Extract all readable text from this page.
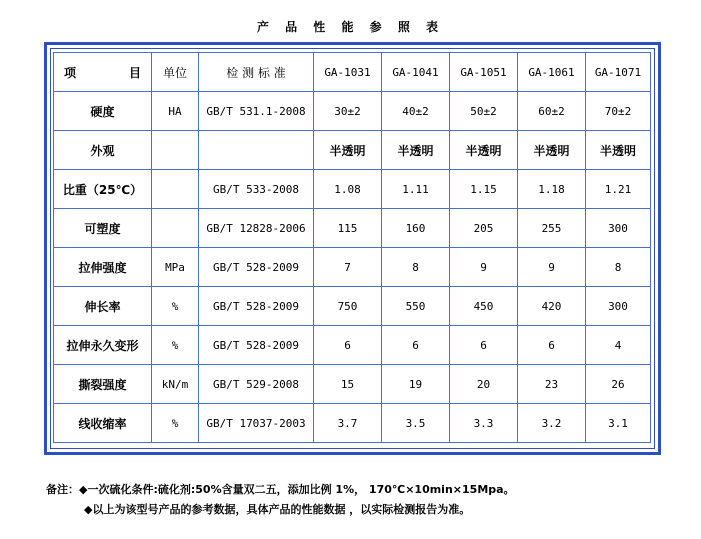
产 品 性 能 参 照 表
项 目	单位	检 测 标 准	GA-1031	GA-1041	GA-1051	GA-1061	GA-1071
硬度	HA	GB/T 531.1-2008	30±2	40±2	50±2	60±2	70±2
外观			半透明	半透明	半透明	半透明	半透明
比重（25℃）		GB/T 533-2008	1.08	1.11	1.15	1.18	1.21
可塑度		GB/T 12828-2006	115	160	205	255	300
拉伸强度	MPa	GB/T 528-2009	7	8	9	9	8
伸长率	%	GB/T 528-2009	750	550	450	420	300
拉伸永久变形	%	GB/T 528-2009	6	6	6	6	4
撕裂强度	kN/m	GB/T 529-2008	15	19	20	23	26
线收缩率	%	GB/T 17037-2003	3.7	3.5	3.3	3.2	3.1
备注：◆一次硫化条件:硫化剂:50%含量双二五，添加比例 1%， 170℃×10min×15Mpa。
◆以上为该型号产品的参考数据，具体产品的性能数据 ，以实际检测报告为准。
